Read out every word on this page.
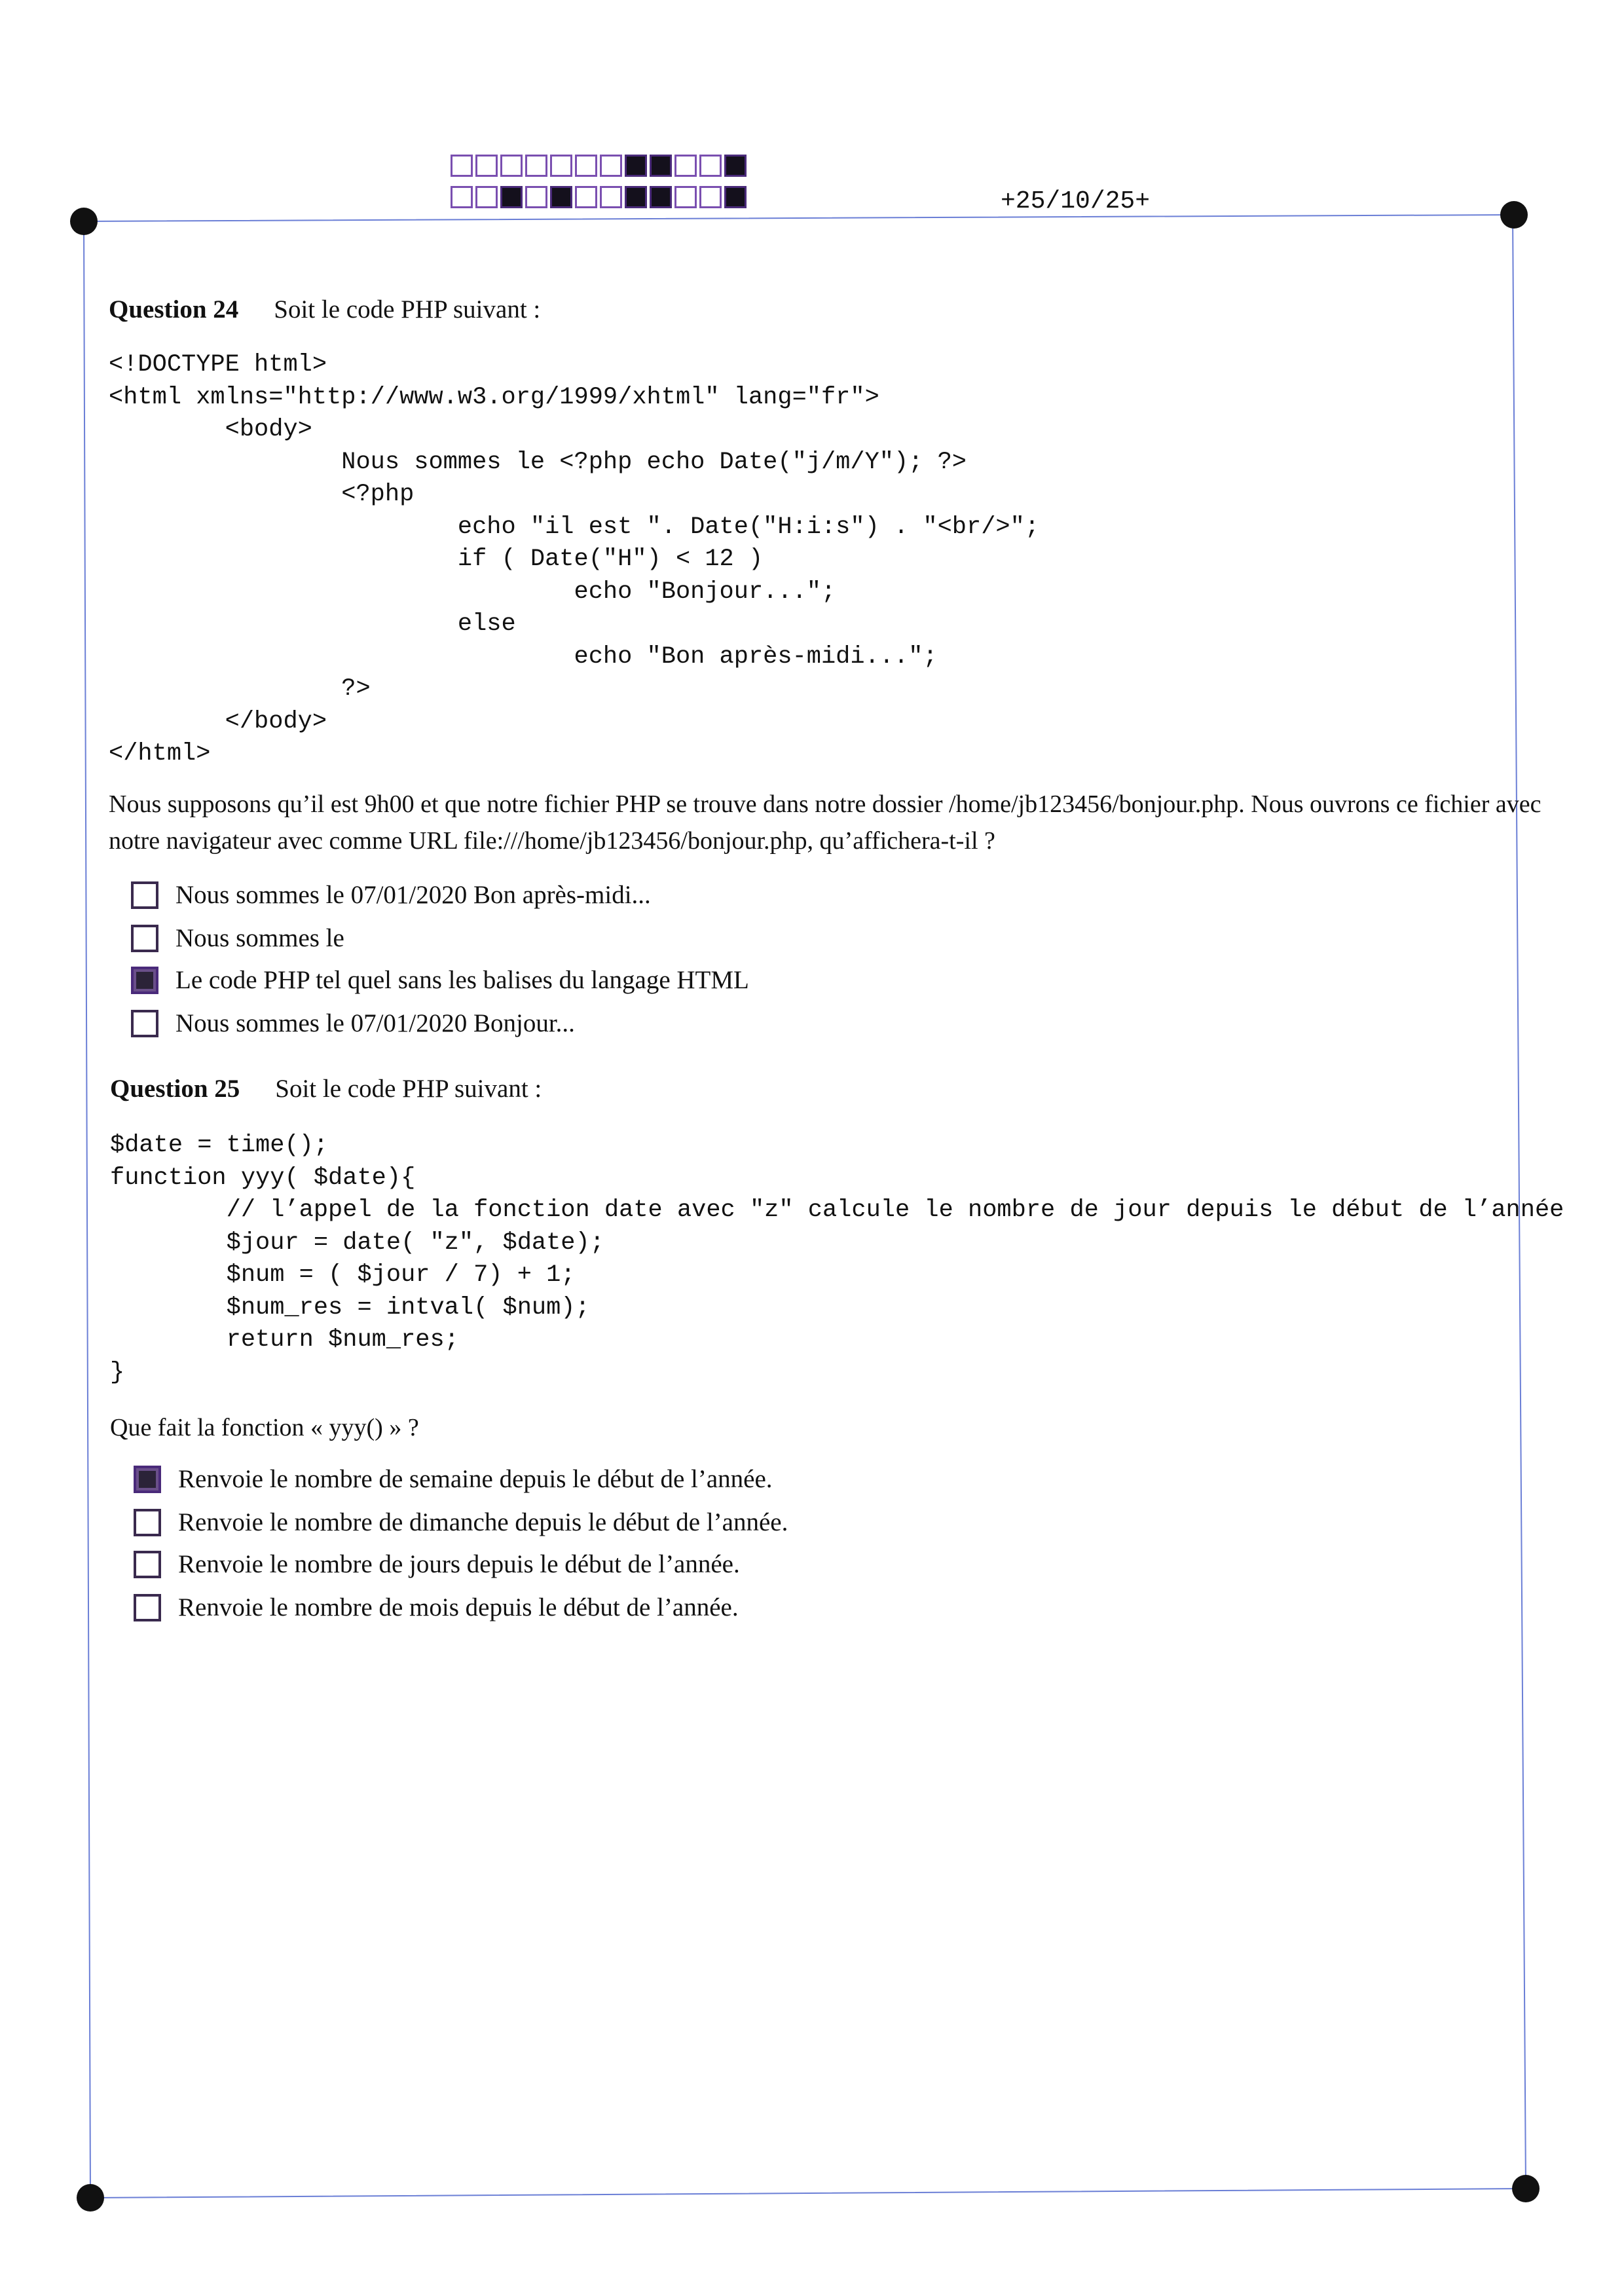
+25/10/25+
Question 24 Soit le code PHP suivant :
<!DOCTYPE html>
<html xmlns="http://www.w3.org/1999/xhtml" lang="fr">
<body>
Nous sommes le <?php echo Date("j/m/Y"); ?>
<?php
echo "il est ". Date("H:i:s") . "<br/>";
if ( Date("H") < 12 )
echo "Bonjour...";
else
echo "Bon après-midi...";
?>
</body>
</html>
Nous supposons qu’il est 9h00 et que notre fichier PHP se trouve dans notre dossier /home/jb123456/bonjour.php. Nous ouvrons ce fichier avec notre navigateur avec comme URL file:///home/jb123456/bonjour.php, qu’affichera-t-il ?
Nous sommes le 07/01/2020 Bon après-midi...
Nous sommes le
Le code PHP tel quel sans les balises du langage HTML
Nous sommes le 07/01/2020 Bonjour...
Question 25 Soit le code PHP suivant :
$date = time();
function yyy( $date){
// l’appel de la fonction date avec "z" calcule le nombre de jour depuis le début de l’année
$jour = date( "z", $date);
$num = ( $jour / 7) + 1;
$num_res = intval( $num);
return $num_res;
}
Que fait la fonction « yyy() » ?
Renvoie le nombre de semaine depuis le début de l’année.
Renvoie le nombre de dimanche depuis le début de l’année.
Renvoie le nombre de jours depuis le début de l’année.
Renvoie le nombre de mois depuis le début de l’année.
